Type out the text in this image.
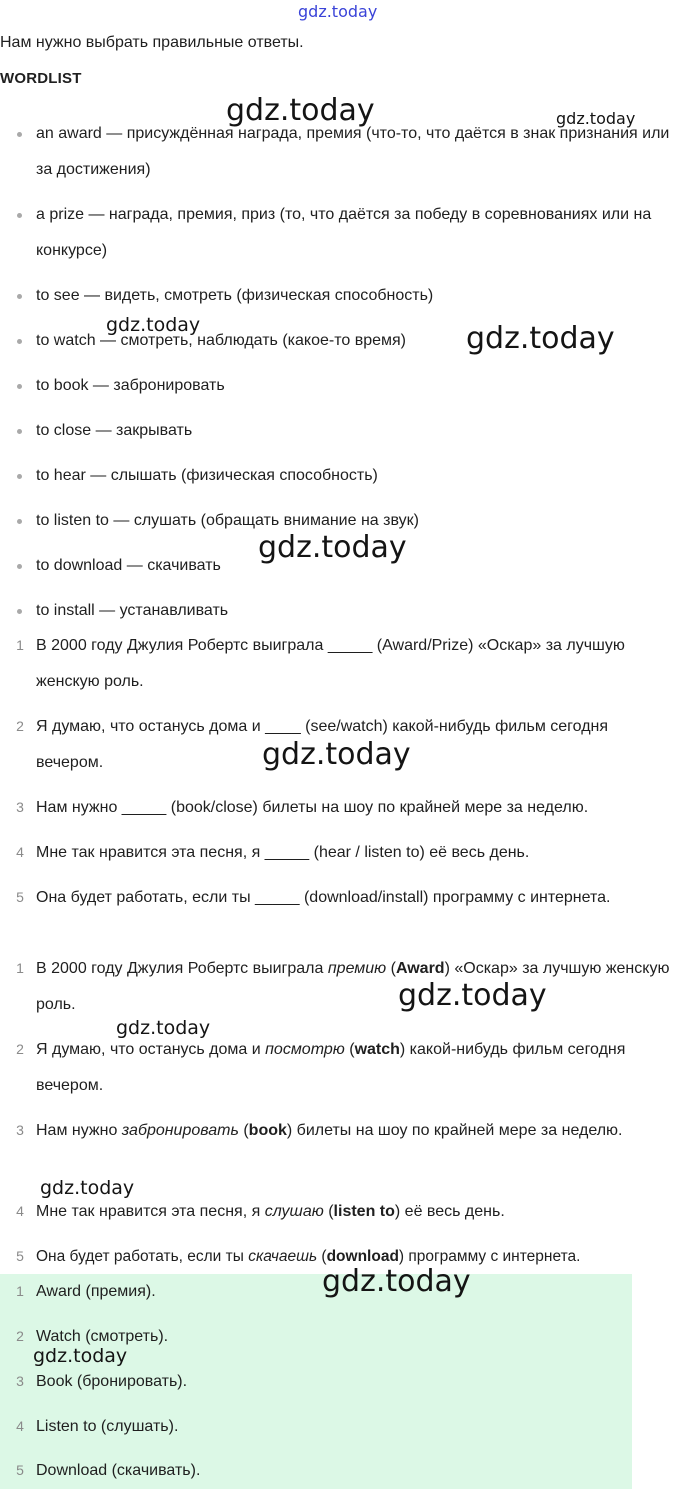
gdz.today
gdz.today	gdz.today
gdz.today	gdz.today
gdz.today
gdz.today
gdz.today
gdz.today
gdz.today
Нам нужно выбрать правильные ответы.
WORDLIST
an award — присуждённая награда, премия (что-то, что даётся в знак признания или за достижения)
a prize — награда, премия, приз (то, что даётся за победу в соревнованиях или на конкурсе)
to see — видеть, смотреть (физическая способность)
to watch — смотреть, наблюдать (какое-то время)
to book — забронировать
to close — закрывать
to hear — слышать (физическая способность)
to listen to — слушать (обращать внимание на звук)
to download — скачивать
to install — устанавливать
1 В 2000 году Джулия Робертс выиграла _____ (Award/Prize) «Оскар» за лучшую женскую роль.
2 Я думаю, что останусь дома и ____ (see/watch) какой-нибудь фильм сегодня вечером.
3 Нам нужно _____ (book/close) билеты на шоу по крайней мере за неделю.
4 Мне так нравится эта песня, я _____ (hear / listen to) её весь день.
5 Она будет работать, если ты _____ (download/install) программу с интернета.
1 В 2000 году Джулия Робертс выиграла премию (Award) «Оскар» за лучшую женскую роль.
2 Я думаю, что останусь дома и посмотрю (watch) какой-нибудь фильм сегодня вечером.
3 Нам нужно забронировать (book) билеты на шоу по крайней мере за неделю.
4 Мне так нравится эта песня, я слушаю (listen to) её весь день.
5 Она будет работать, если ты скачаешь (download) программу с интернета.
1 Award (премия).
2 Watch (смотреть).
3 Book (бронировать).
4 Listen to (слушать).
5 Download (скачивать).
gdz.today
gdz.today
